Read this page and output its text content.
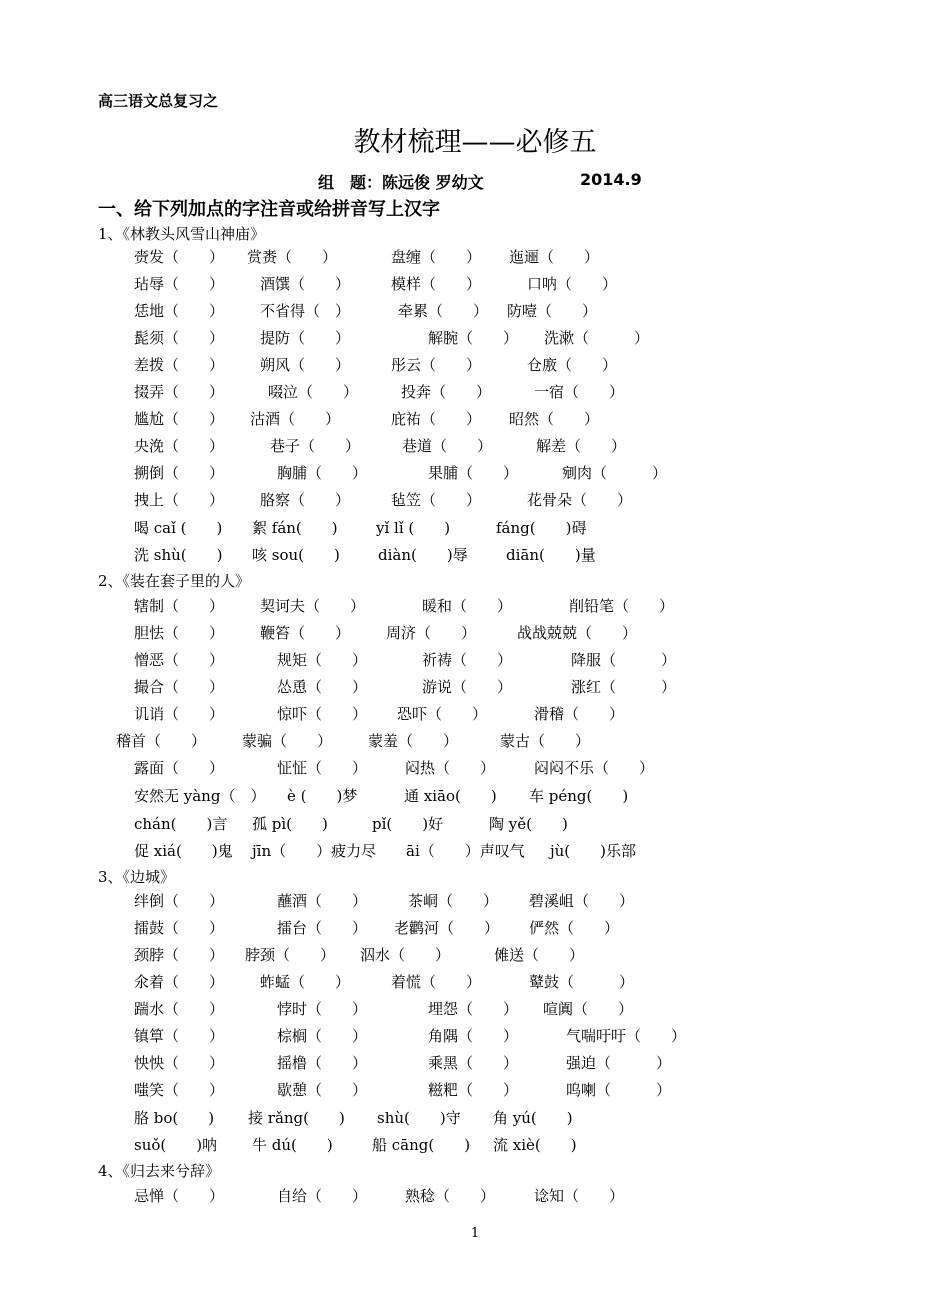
高三语文总复习之
教材梳理——必修五
组　题：陈远俊 罗幼文	2014.9
一、给下列加点的字注音或给拼音写上汉字
1、《林教头风雪山神庙》
赍发（　　） 赏赉（　　）	盘缠（　　） 迤逦（　　）
玷辱（　　） 酒馔（　　）	模样（　　）	口呐（　　）
恁地（　　） 不省得（　）	牵累（　　） 防噎（　　）
髭须（　　） 提防（　　）	解腕（　　） 洗漱（　　　）
差拨（　　） 朔风（　　）	彤云（　　）	仓廒（　　）
掇弄（　　）	啜泣（　　）	投奔（　　）	一宿（　　）
尴尬（　　） 沽酒（　　）	庇祐（　　） 昭然（　　）
央浼（　　）	巷子（　　）	巷道（　　）	解差（　　）
搠倒（　　）	胸脯（　　）	果脯（　　）	剜肉（　　　）
拽上（　　） 胳察（　　）	毡笠（　　）	花骨朵（　　）
喝 caǐ (　　) 絮 fán(　　)	yǐ lǐ (　　)	fáng(　　)碍
洗 shù(　　) 咳 sou(　　)	diàn(　　)辱	diān(　　)量
2、《装在套子里的人》
辖制（　　） 契诃夫（　　）	暖和（　　）	削铅笔（　　）
胆怯（　　） 鞭笞（　　） 周济（　　）	战战兢兢（　　）
憎恶（　　）	规矩（　　）	祈祷（　　）	降服（　　　）
撮合（　　）	怂恿（　　）	游说（　　）	涨红（　　　）
讥诮（　　）	惊吓（　　） 恐吓（　　）	滑稽（　　）
稽首（　　） 蒙骗（　　） 蒙羞（　　）	蒙古（　　）
露面（　　）	怔怔（　　）	闷热（　　）	闷闷不乐（　　）
安然无 yàng（　） è (　　)梦	通 xiāo(　　) 车 péng(　　)
chán(　　)言 孤 pì(　　)	pǐ(　　)好	陶 yě(　　)
促 xiá(　　)鬼 jīn（　　）疲力尽 āi（　　）声叹气 jù(　　)乐部
3、《边城》
绊倒（　　）	蘸酒（　　）	茶峒（　　） 碧溪岨（　　）
擂鼓（　　）	擂台（　　） 老鹳河（　　） 俨然（　　）
颈脖（　　） 脖颈（　　） 泅水（　　）	傩送（　　）
氽着（　　） 蚱蜢（　　）	着慌（　　）	鼙鼓（　　　）
踹水（　　）	悖时（　　）	埋怨（　　） 喧阗（　　）
镇筸（　　）	棕榈（　　）	角隅（　　）	气喘吁吁（　　）
怏怏（　　）	摇橹（　　）	乘黑（　　）	强迫（　　　）
嗤笑（　　）	歇憩（　　）	糍粑（　　）	呜喇（　　　）
胳 bo(　　) 接 rǎng(　　) shù(　　)守 角 yú(　　)
suǒ(　　)呐 牛 dú(　　)	船 cāng(　　) 流 xiè(　　)
4、《归去来兮辞》
忌惮（　　）	自给（　　）	熟稔（　　）	谂知（　　）
1
